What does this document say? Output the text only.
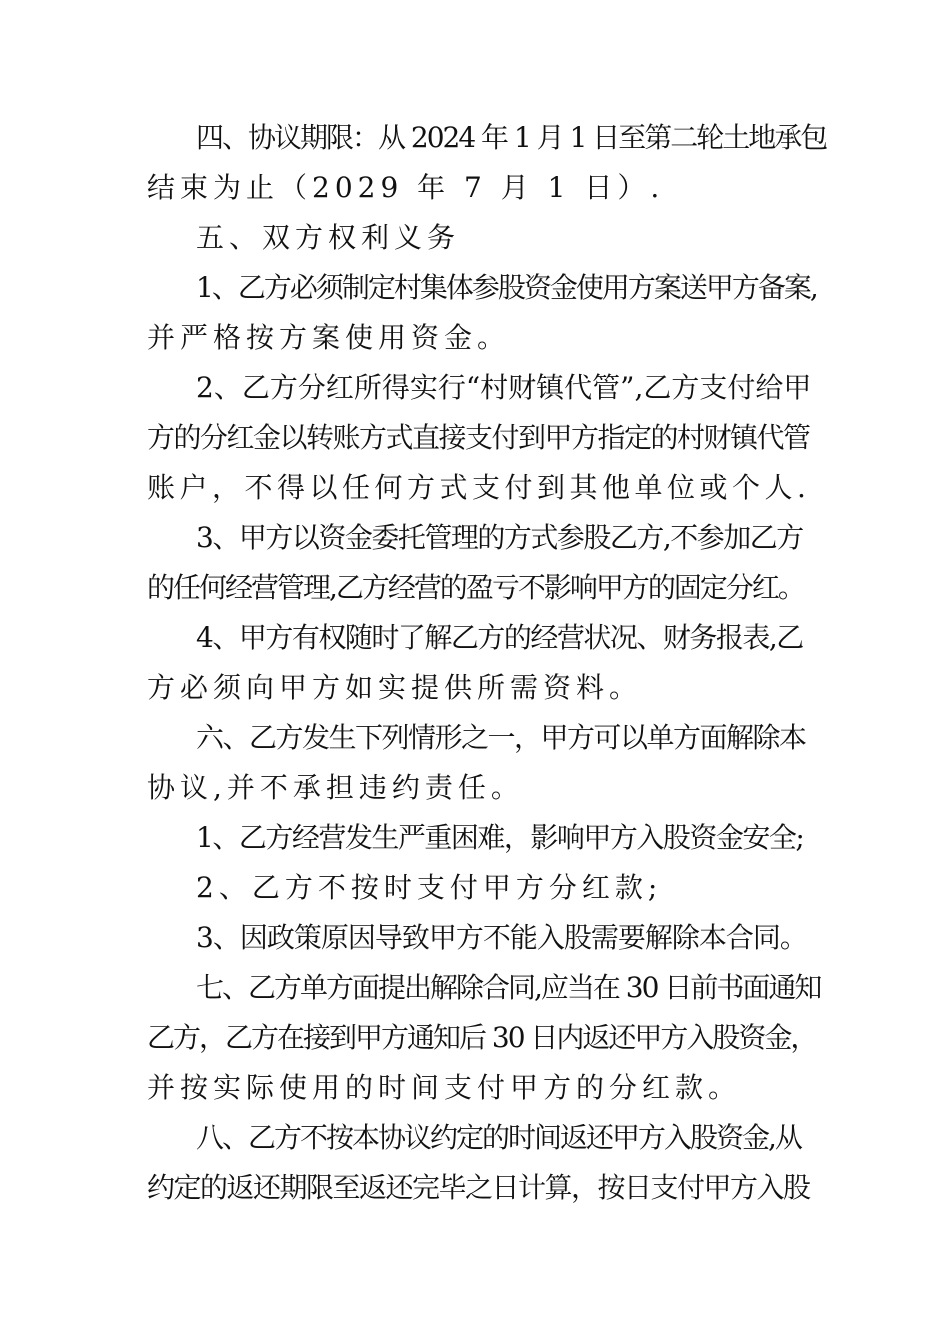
四、协议期限：从 2024 年 1 月 1 日至第二轮土地承包
结束为止（2029 年 7 月 1 日）.
五、双方权利义务
1、乙方必须制定村集体参股资金使用方案送甲方备案,
并严格按方案使用资金。
2、乙方分红所得实行“村财镇代管”,乙方支付给甲
方的分红金以转账方式直接支付到甲方指定的村财镇代管
账户，不得以任何方式支付到其他单位或个人.
3、甲方以资金委托管理的方式参股乙方,不参加乙方
的任何经营管理,乙方经营的盈亏不影响甲方的固定分红。
4、甲方有权随时了解乙方的经营状况、财务报表,乙
方必须向甲方如实提供所需资料。
六、乙方发生下列情形之一，甲方可以单方面解除本
协议,并不承担违约责任。
1、乙方经营发生严重困难，影响甲方入股资金安全;
2、乙方不按时支付甲方分红款;
3、因政策原因导致甲方不能入股需要解除本合同。
七、乙方单方面提出解除合同,应当在 30 日前书面通知
乙方，乙方在接到甲方通知后 30 日内返还甲方入股资金，
并按实际使用的时间支付甲方的分红款。
八、乙方不按本协议约定的时间返还甲方入股资金,从
约定的返还期限至返还完毕之日计算，按日支付甲方入股
